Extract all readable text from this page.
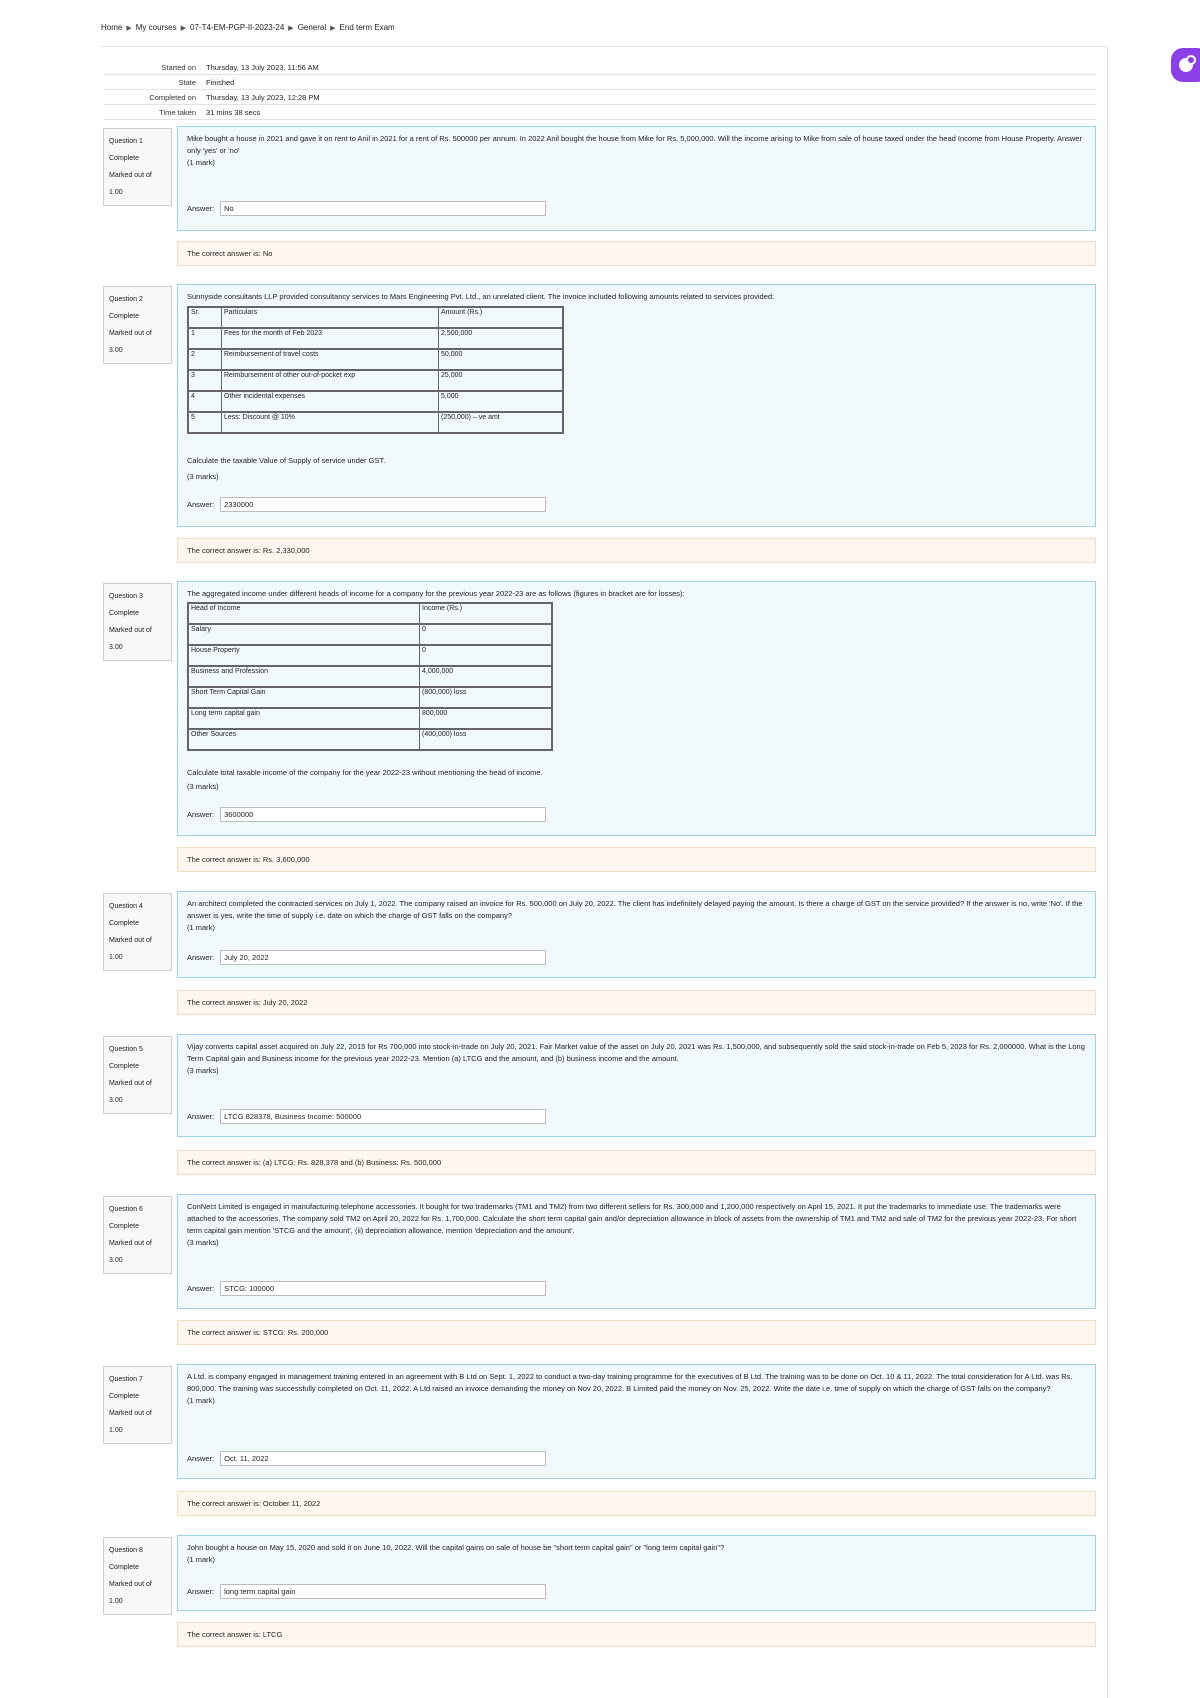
Home ▶ My courses ▶ 07-T4-EM-PGP-II-2023-24 ▶ General ▶ End term Exam
Started on	Thursday, 13 July 2023, 11:56 AM
State	Finished
Completed on	Thursday, 13 July 2023, 12:28 PM
Time taken	31 mins 38 secs
Question 1
Complete
Marked out of 1.00

Mike bought a house in 2021 and gave it on rent to Anil in 2021 for a rent of Rs. 500000 per annum. In 2022 Anil bought the house from Mike for Rs. 5,000,000. Will the income arising to Mike from sale of house taxed under the head Income from House Property. Answer only 'yes' or 'no'

(1 mark)
Answer:	No
The correct answer is: No
Question 2
Complete
Marked out of 3.00

Sunnyside consultants LLP provided consultancy services to Mars Engineering Pvt. Ltd., an unrelated client. The invoice included following amounts related to services provided:

Sr.	Particulars	Amount (Rs.)
1	Fees for the month of Feb 2023	2,500,000
2	Reimbursement of travel costs	50,000
3	Reimbursement of other out-of-pocket exp	25,000
4	Other incidental expenses	5,000
5	Less: Discount @ 10%	(250,000) – ve amt

Calculate the taxable Value of Supply of service under GST.

(3 marks)
Answer:	2330000
The correct answer is: Rs. 2,330,000
Question 3
Complete
Marked out of 3.00

The aggregated income under different heads of income for a company for the previous year 2022-23 are as follows (figures in bracket are for losses):

Head of Income	Income (Rs.)
Salary	0
House Property	0
Business and Profession	4,000,000
Short Term Capital Gain	(800,000) loss
Long term capital gain	800,000
Other Sources	(400,000) loss

Calculate total taxable income of the company for the year 2022-23 without mentioning the head of income.

(3 marks)
Answer:	3600000
The correct answer is: Rs. 3,600,000
Question 4
Complete
Marked out of 1.00

An architect completed the contracted services on July 1, 2022. The company raised an invoice for Rs. 500,000 on July 20, 2022. The client has indefinitely delayed paying the amount. Is there a charge of GST on the service provided? If the answer is no, write 'No'. If the answer is yes, write the time of supply i.e. date on which the charge of GST falls on the company?

(1 mark)
Answer:	July 20, 2022
The correct answer is: July 20, 2022
Question 5
Complete
Marked out of 3.00

Vijay converts capital asset acquired on July 22, 2015 for Rs 700,000 into stock-in-trade on July 20, 2021. Fair Market value of the asset on July 20, 2021 was Rs. 1,500,000, and subsequently sold the said stock-in-trade on Feb 5, 2023 for Rs. 2,000000. What is the Long Term Capital gain and Business income for the previous year 2022-23. Mention (a) LTCG and the amount, and (b) business income and the amount.

(3 marks)
Answer:	LTCG 828378, Business Income: 500000
The correct answer is: (a) LTCG: Rs. 828,378 and (b) Business: Rs. 500,000
Question 6
Complete
Marked out of 3.00

ConNect Limited is engaged in manufacturing telephone accessories. It bought for two trademarks (TM1 and TM2) from two different sellers for Rs. 300,000 and 1,200,000 respectively on April 15, 2021. It put the trademarks to immediate use. The trademarks were attached to the accessories. The company sold TM2 on April 20, 2022 for Rs. 1,700,000. Calculate the short term capital gain and/or depreciation allowance in block of assets from the ownership of TM1 and TM2 and sale of TM2 for the previous year 2022-23. For short term capital gain mention 'STCG and the amount', (ii) depreciation allowance, mention 'depreciation and the amount'.

(3 marks)
Answer:	STCG: 100000
The correct answer is: STCG: Rs. 200,000
Question 7
Complete
Marked out of 1.00

A Ltd. is company engaged in management training entered in an agreement with B Ltd on Sept. 1, 2022 to conduct a two-day training programme for the executives of B Ltd. The training was to be done on Oct. 10 & 11, 2022. The total consideration for A Ltd. was Rs. 800,000. The training was successfully completed on Oct. 11, 2022. A Ltd raised an invoice demanding the money on Nov 20, 2022. B Limited paid the money on Nov. 25, 2022. Write the date i.e. time of supply on which the charge of GST falls on the company?

(1 mark)
Answer:	Oct. 11, 2022
The correct answer is: October 11, 2022
Question 8
Complete
Marked out of 1.00

John bought a house on May 15, 2020 and sold it on June 10, 2022. Will the capital gains on sale of house be "short term capital gain" or "long term capital gain"?

(1 mark)
Answer:	long term capital gain
The correct answer is: LTCG
